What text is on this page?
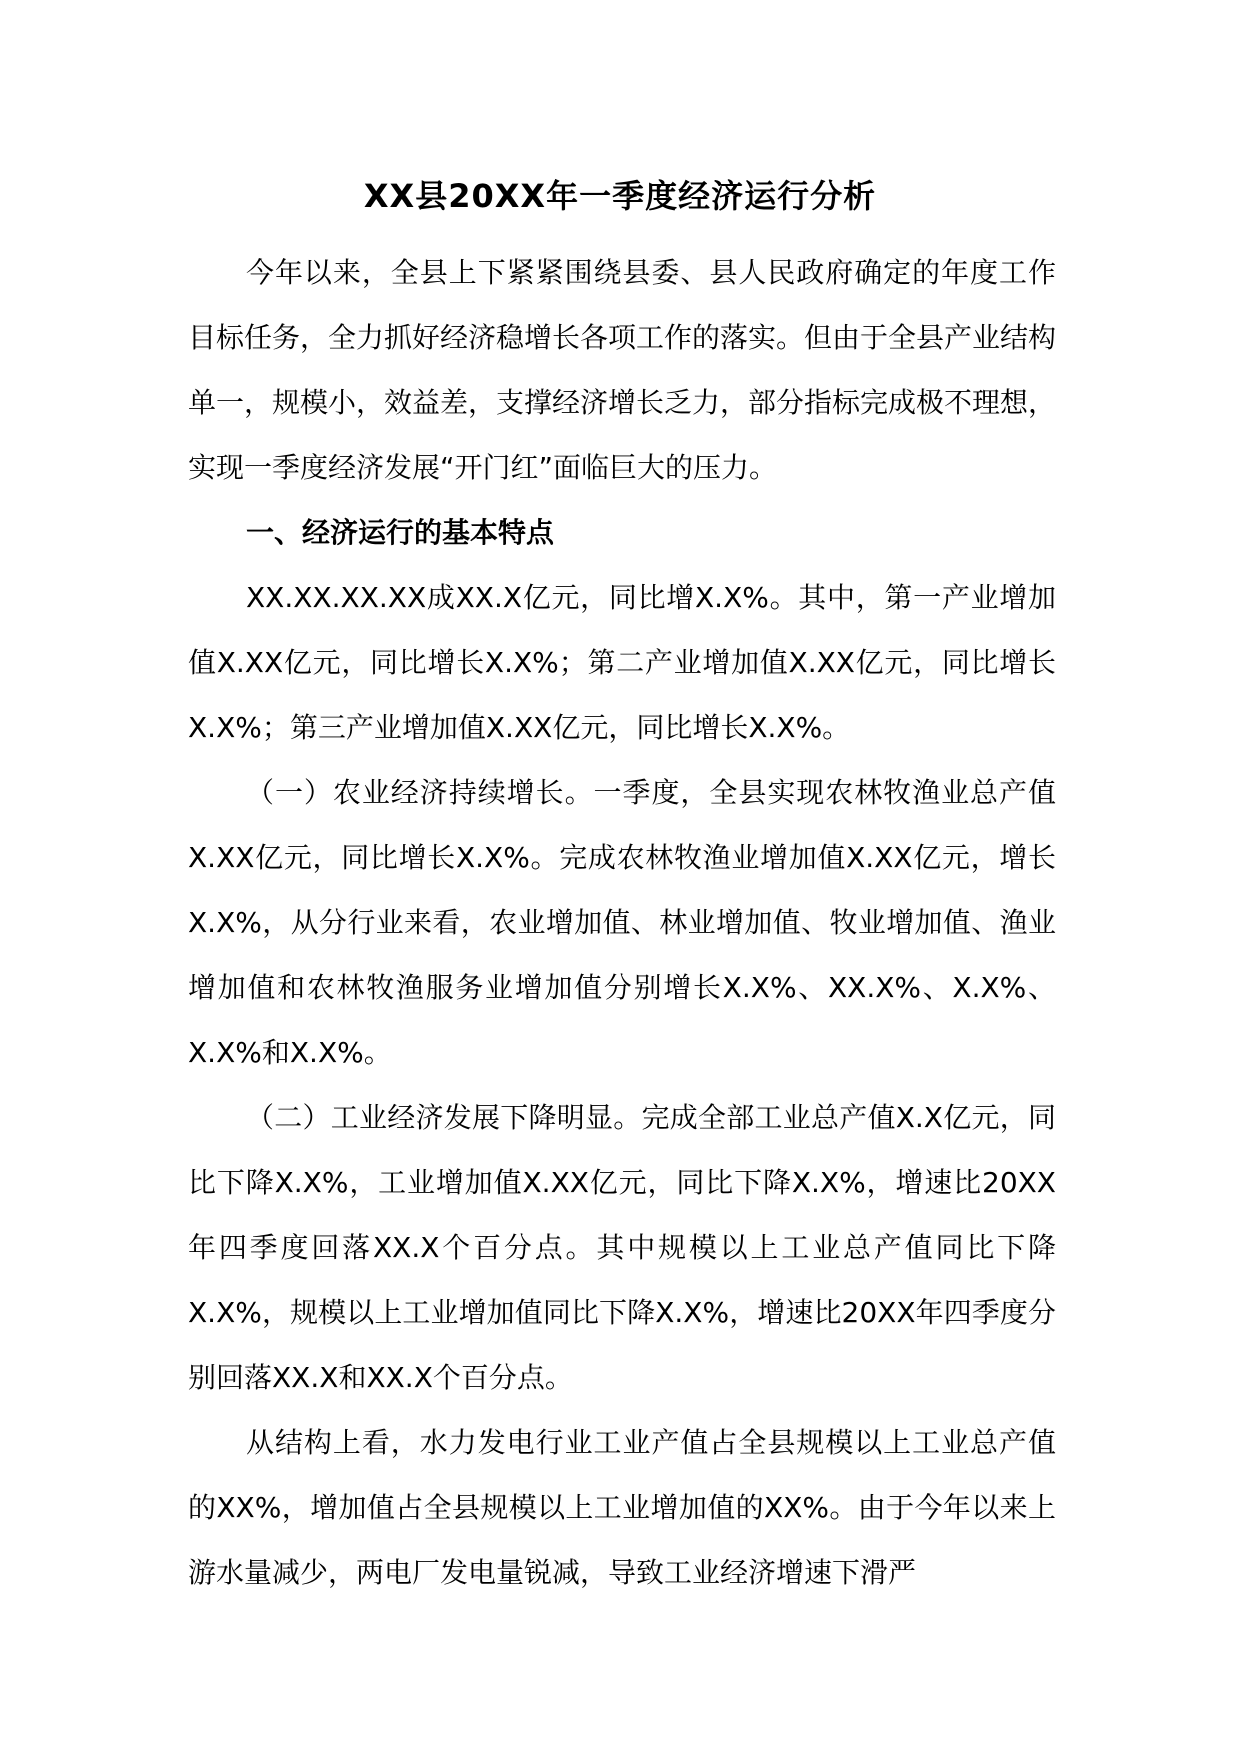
XX县20XX年一季度经济运行分析

今年以来，全县上下紧紧围绕县委、县人民政府确定的年度工作目标任务，全力抓好经济稳增长各项工作的落实。但由于全县产业结构单一，规模小，效益差，支撑经济增长乏力，部分指标完成极不理想，实现一季度经济发展“开门红”面临巨大的压力。

一、经济运行的基本特点

XX.XX.XX.XX成XX.X亿元，同比增X.X%。其中，第一产业增加值X.XX亿元，同比增长X.X%；第二产业增加值X.XX亿元，同比增长X.X%；第三产业增加值X.XX亿元，同比增长X.X%。

（一）农业经济持续增长。一季度，全县实现农林牧渔业总产值X.XX亿元，同比增长X.X%。完成农林牧渔业增加值X.XX亿元，增长X.X%，从分行业来看，农业增加值、林业增加值、牧业增加值、渔业增加值和农林牧渔服务业增加值分别增长X.X%、XX.X%、X.X%、X.X%和X.X%。

（二）工业经济发展下降明显。完成全部工业总产值X.X亿元，同比下降X.X%，工业增加值X.XX亿元，同比下降X.X%，增速比20XX年四季度回落XX.X个百分点。其中规模以上工业总产值同比下降X.X%，规模以上工业增加值同比下降X.X%，增速比20XX年四季度分别回落XX.X和XX.X个百分点。

从结构上看，水力发电行业工业产值占全县规模以上工业总产值的XX%，增加值占全县规模以上工业增加值的XX%。由于今年以来上游水量减少，两电厂发电量锐减，导致工业经济增速下滑严
